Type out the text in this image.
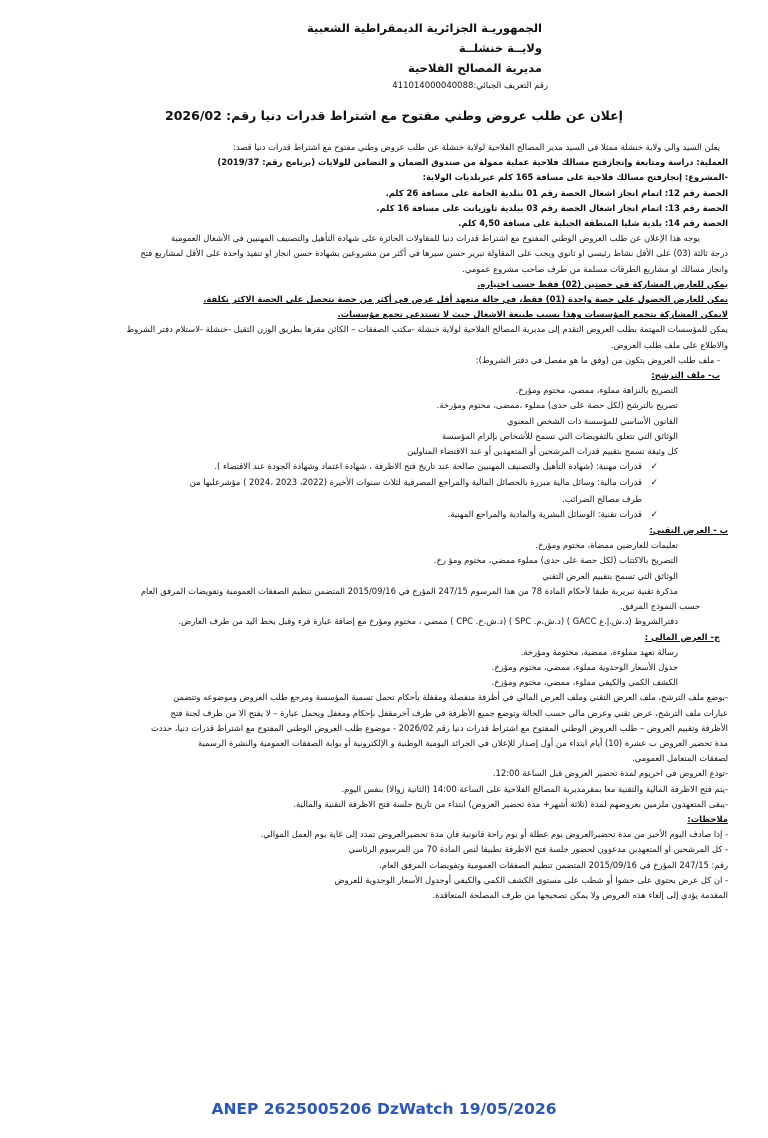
الجمهوريـة الجزائرية الديمقراطية الشعبية
ولايــة خنشلــة
مديرية المصالح الفلاحية
رقم التعريف الجبائي:411014000040088
إعلان عن طلب عروض وطني مفتوح مع اشتراط قدرات دنيا رقم: 2026/02
يعلن السيد والي ولاية خنشلة ممثلا في السيد مدير المصالح الفلاحية لولاية خنشلة عن طلب عروض وطني مفتوح مع اشتراط قدرات دنيا قصد:
العملية: دراسة ومتابعة وإنجازفتح مسالك فلاحية عملية ممولة من صندوق الضمان و التضامن للولايات (برنامج رقم: 2019/37)
-المشروع: إنجازفتح مسالك فلاحية على مسافة 165 كلم عبربلديات الولاية:
الحصة رقم 12: اتمام انجاز اشغال الحصة رقم 01 ببلدية الحامة على مسافة 26 كلم.
الحصة رقم 13: اتمام انجاز اشغال الحصة رقم 03 ببلدية تاوزيانت على مسافة 16 كلم.
الحصة رقم 14: بلدية شليا المنطقة الجبلية على مسافة 4,50 كلم.
يوجه هذا الإعلان عن طلب العروض الوطني المفتوح مع اشتراط قدرات دنيا للمقاولات الحائزة على شهادة التأهيل والتصنيف المهنيين في الأشغال العمومية
درجة ثالثة (03) على الأقل نشاط رئيسي او ثانوي ويجب على المقاولة تبرير حسن سيرها في أكثر من مشروعين بشهادة حسن انجاز او تنفيذ واحدة على الأقل لمشاريع فتح
وانجاز مسالك او مشاريع الطرقات مسلمة من طرف صاحب مشروع عمومي.
يمكن للعارض المشاركة في حصتين (02) فقط حسب اختياره.
يمكن للعارض الحصول على حصة واحدة (01) فقط، في حالة متعهد أقل عرض في أكثر من حصة يتحصل على الحصة الاكثر تكلفة.
لايمكن المشاركة بتجمع المؤسسات وهذا بسبب طبيعة الاشغال حيث لا تستدعي تجمع مؤسسات.
يمكن للمؤسسات المهتمة بطلب العروض التقدم إلى مديرية المصالح الفلاحية لولاية خنشلة -مكتب الصفقات – الكائن مقرها بطريق الوزن الثقيل -خنشلة -لاستلام دفتر الشروط
والاطلاع على ملف طلب العروض.
- ملف طلب العروض يتكون من (وفق ما هو مفصل في دفتر الشروط):
ب- ملف الترشح:
التصريح بالنزاهة مملوء، ممضي، مختوم ومؤرخ.
تصريح بالترشح (لكل حصة على حدى) مملوء ،ممضى، مختوم ومؤرخة.
القانون الأساسي للمؤسسة ذات الشخص المعنوي
الوثائق التي تتعلق بالتفويضات التي تسمح للأشخاص بإلزام المؤسسة
كل وثيقة تسمح بتقييم قدرات المرشحين أو المتعهدين أو عند الاقتضاء المناولين
✓قدرات مهنية: (شهادة التأهيل والتصنيف المهنيين صالحة عند تاريخ فتح الاظرفة ، شهادة اعتماد وشهادة الجودة عند الاقتضاء ).
✓قدرات مالية: وسائل مالية مبررة بالحصائل المالية والمراجع المصرفية لثلاث سنوات الأخيرة (2022، 2023 ،2024 ) مؤشرعليها من
طرف مصالح الضرائب.
✓قدرات تقنية: الوسائل البشرية والمادية والمراجع المهنية.
ب - العرض التقني:
تعليمات للعارضين ممضاة، مختوم ومؤرخ.
التصريح بالاكتتاب (لكل حصة على حدى) مملوء ممضي، مختوم ومؤ رخ.
الوثائق التي تسمح بتقييم العرض التقني
مذكرة تقنية تبريرية طبقا لأحكام المادة 78 من هذا المرسوم 247/15 المؤرخ في 2015/09/16 المتضمن تنظيم الصفقات العمومية وتفويضات المرفق العام
حسب النموذج المرفق.
دفترالشروط (د.ش.إ.ع GACC ) (د.ش.م. SPC ) (د.ش.خ. CPC ) ممضي ، مختوم ومؤرخ مع إضافة عبارة قرء وقبل بخط اليد من طرف العارض.
ج- العرض المالي :
رسالة تعهد مملوءة، ممضية، مختومة ومؤرخة.
جدول الأسعار الوحدوية مملوء، ممضي، مختوم ومؤرخ.
الكشف الكمي والكيفي مملوء، ممضي، مختوم ومؤرخ.
-يوضع ملف الترشح، ملف العرض التقني وملف العرض المالي في أظرفة منفصلة ومقفلة بأحكام تحمل تسمية المؤسسة ومرجع طلب العروض وموضوعه وتتضمن
عبارات ملف الترشح، عرض تقني وعرض مالي حسب الحالة وتوضع جميع الأظرفة في ظرف آخرمقفل بإحكام ومغفل ويحمل عبارة – لا يفتح الا من طرف لجنة فتح
الأظرفة وتقييم العروض – طلب العروض الوطني المفتوح مع اشتراط قدرات دنيا رقم 2026/02 - موضوع طلب العروض الوطني المفتوح مع اشتراط قدرات دنيا، حددت
مدة تحضير العروض ب عشرة (10) أيام ابتداء من أول إصدار للإعلان في الجرائد اليومية الوطنية و الإلكترونية أو بوابة الصفقات العمومية والنشرة الرسمية
لصفقات المتعامل العمومي.
-تودع العروض في اخريوم لمدة تحضير العروض قبل الساعة 12:00.
-يتم فتح الاظرفة المالية والتقنية معا بمقرمديرية المصالح الفلاحية على الساعة 14:00 (الثانية زوالا) بنفس اليوم.
-يبقى المتعهدون ملزمين بعروضهم لمدة (ثلاثة أشهر+ مدة تحضير العروض) ابتداء من تاريخ جلسة فتح الاظرفة التقنية والمالية.
ملاحظات:
- إذا صادف اليوم الأخير من مدة تحضيرالعروض يوم عطلة أو يوم راحة قانونية فان مدة تحضيرالعروض تمدد إلى غاية يوم العمل الموالي.
- كل المرشحين او المتعهدين مدعوون لحضور جلسة فتح الاظرفة تطبيقا لنص المادة 70 من المرسوم الرئاسي
رقم: 247/15 المؤرخ في 2015/09/16 المتضمن تنظيم الصفقات العمومية وتفويضات المرفق العام.
- ان كل عرض يحتوي على حشوا أو شطب على مستوى الكشف الكمي والكيفي أوجدول الأسعار الوحدوية للعروض
المقدمة يؤدي إلى إلغاء هذه العروض ولا يمكن تصحيحها من طرف المصلحة المتعاقدة.
ANEP 2625005206 DzWatch 19/05/2026
